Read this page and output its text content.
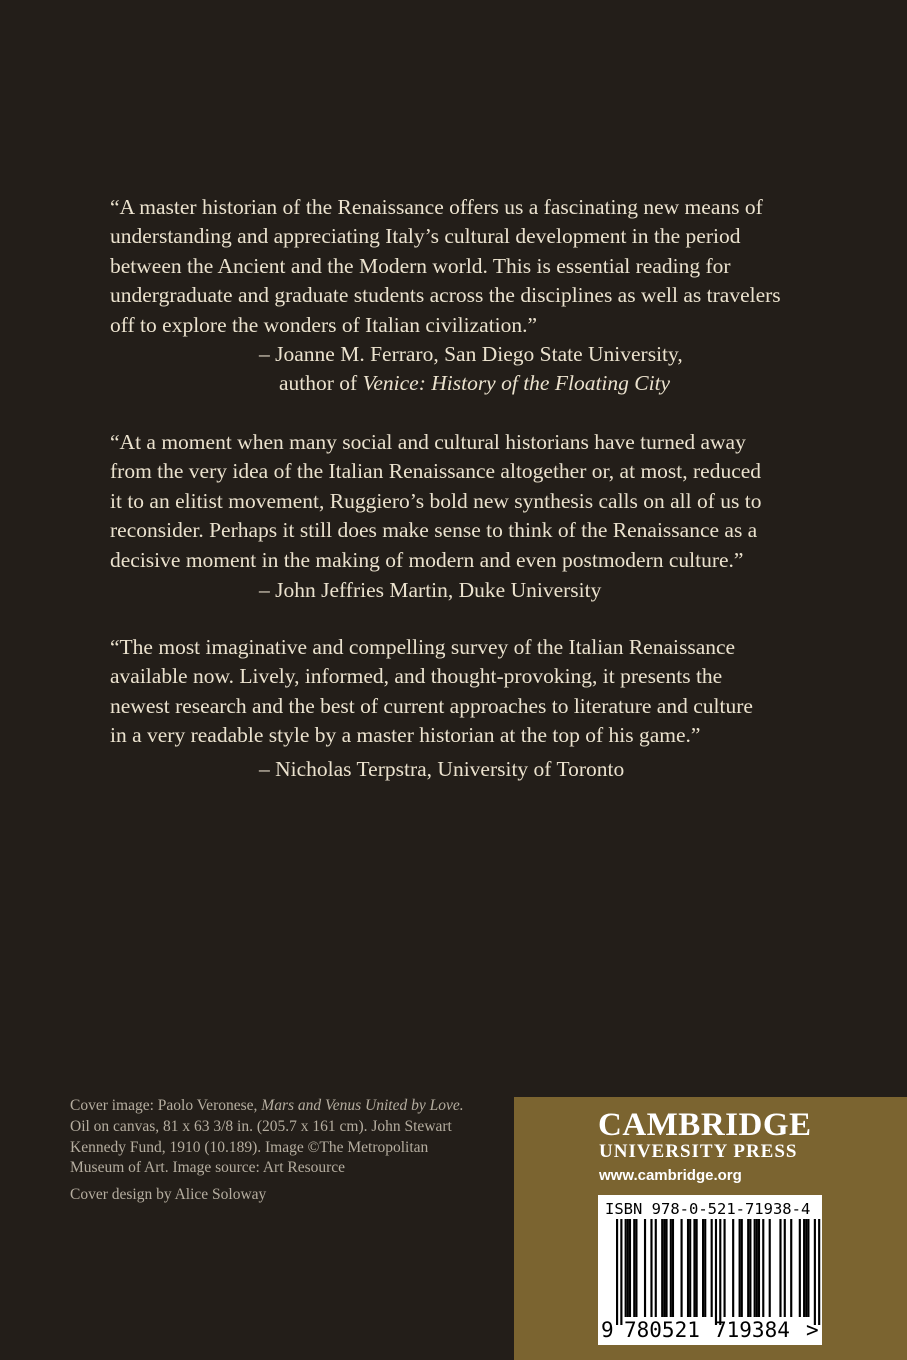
“A master historian of the Renaissance offers us a fascinating new means of

understanding and appreciating Italy’s cultural development in the period

between the Ancient and the Modern world. This is essential reading for

undergraduate and graduate students across the disciplines as well as travelers

off to explore the wonders of Italian civilization.”

– Joanne M. Ferraro, San Diego State University,
author of Venice: History of the Floating City

“At a moment when many social and cultural historians have turned away

from the very idea of the Italian Renaissance altogether or, at most, reduced

it to an elitist movement, Ruggiero’s bold new synthesis calls on all of us to

reconsider. Perhaps it still does make sense to think of the Renaissance as a

decisive moment in the making of modern and even postmodern culture.”

– John Jeffries Martin, Duke University

“The most imaginative and compelling survey of the Italian Renaissance

available now. Lively, informed, and thought-provoking, it presents the

newest research and the best of current approaches to literature and culture

in a very readable style by a master historian at the top of his game.”

– Nicholas Terpstra, University of Toronto

Cover image: Paolo Veronese, Mars and Venus United by Love.

Oil on canvas, 81 x 63 3/8 in. (205.7 x 161 cm). John Stewart

Kennedy Fund, 1910 (10.189). Image ©The Metropolitan

Museum of Art. Image source: Art Resource

Cover design by Alice Soloway

CAMBRIDGE
UNIVERSITY PRESS
www.cambridge.org
ISBN 978-0-521-71938-4
9 780521 719384 >
